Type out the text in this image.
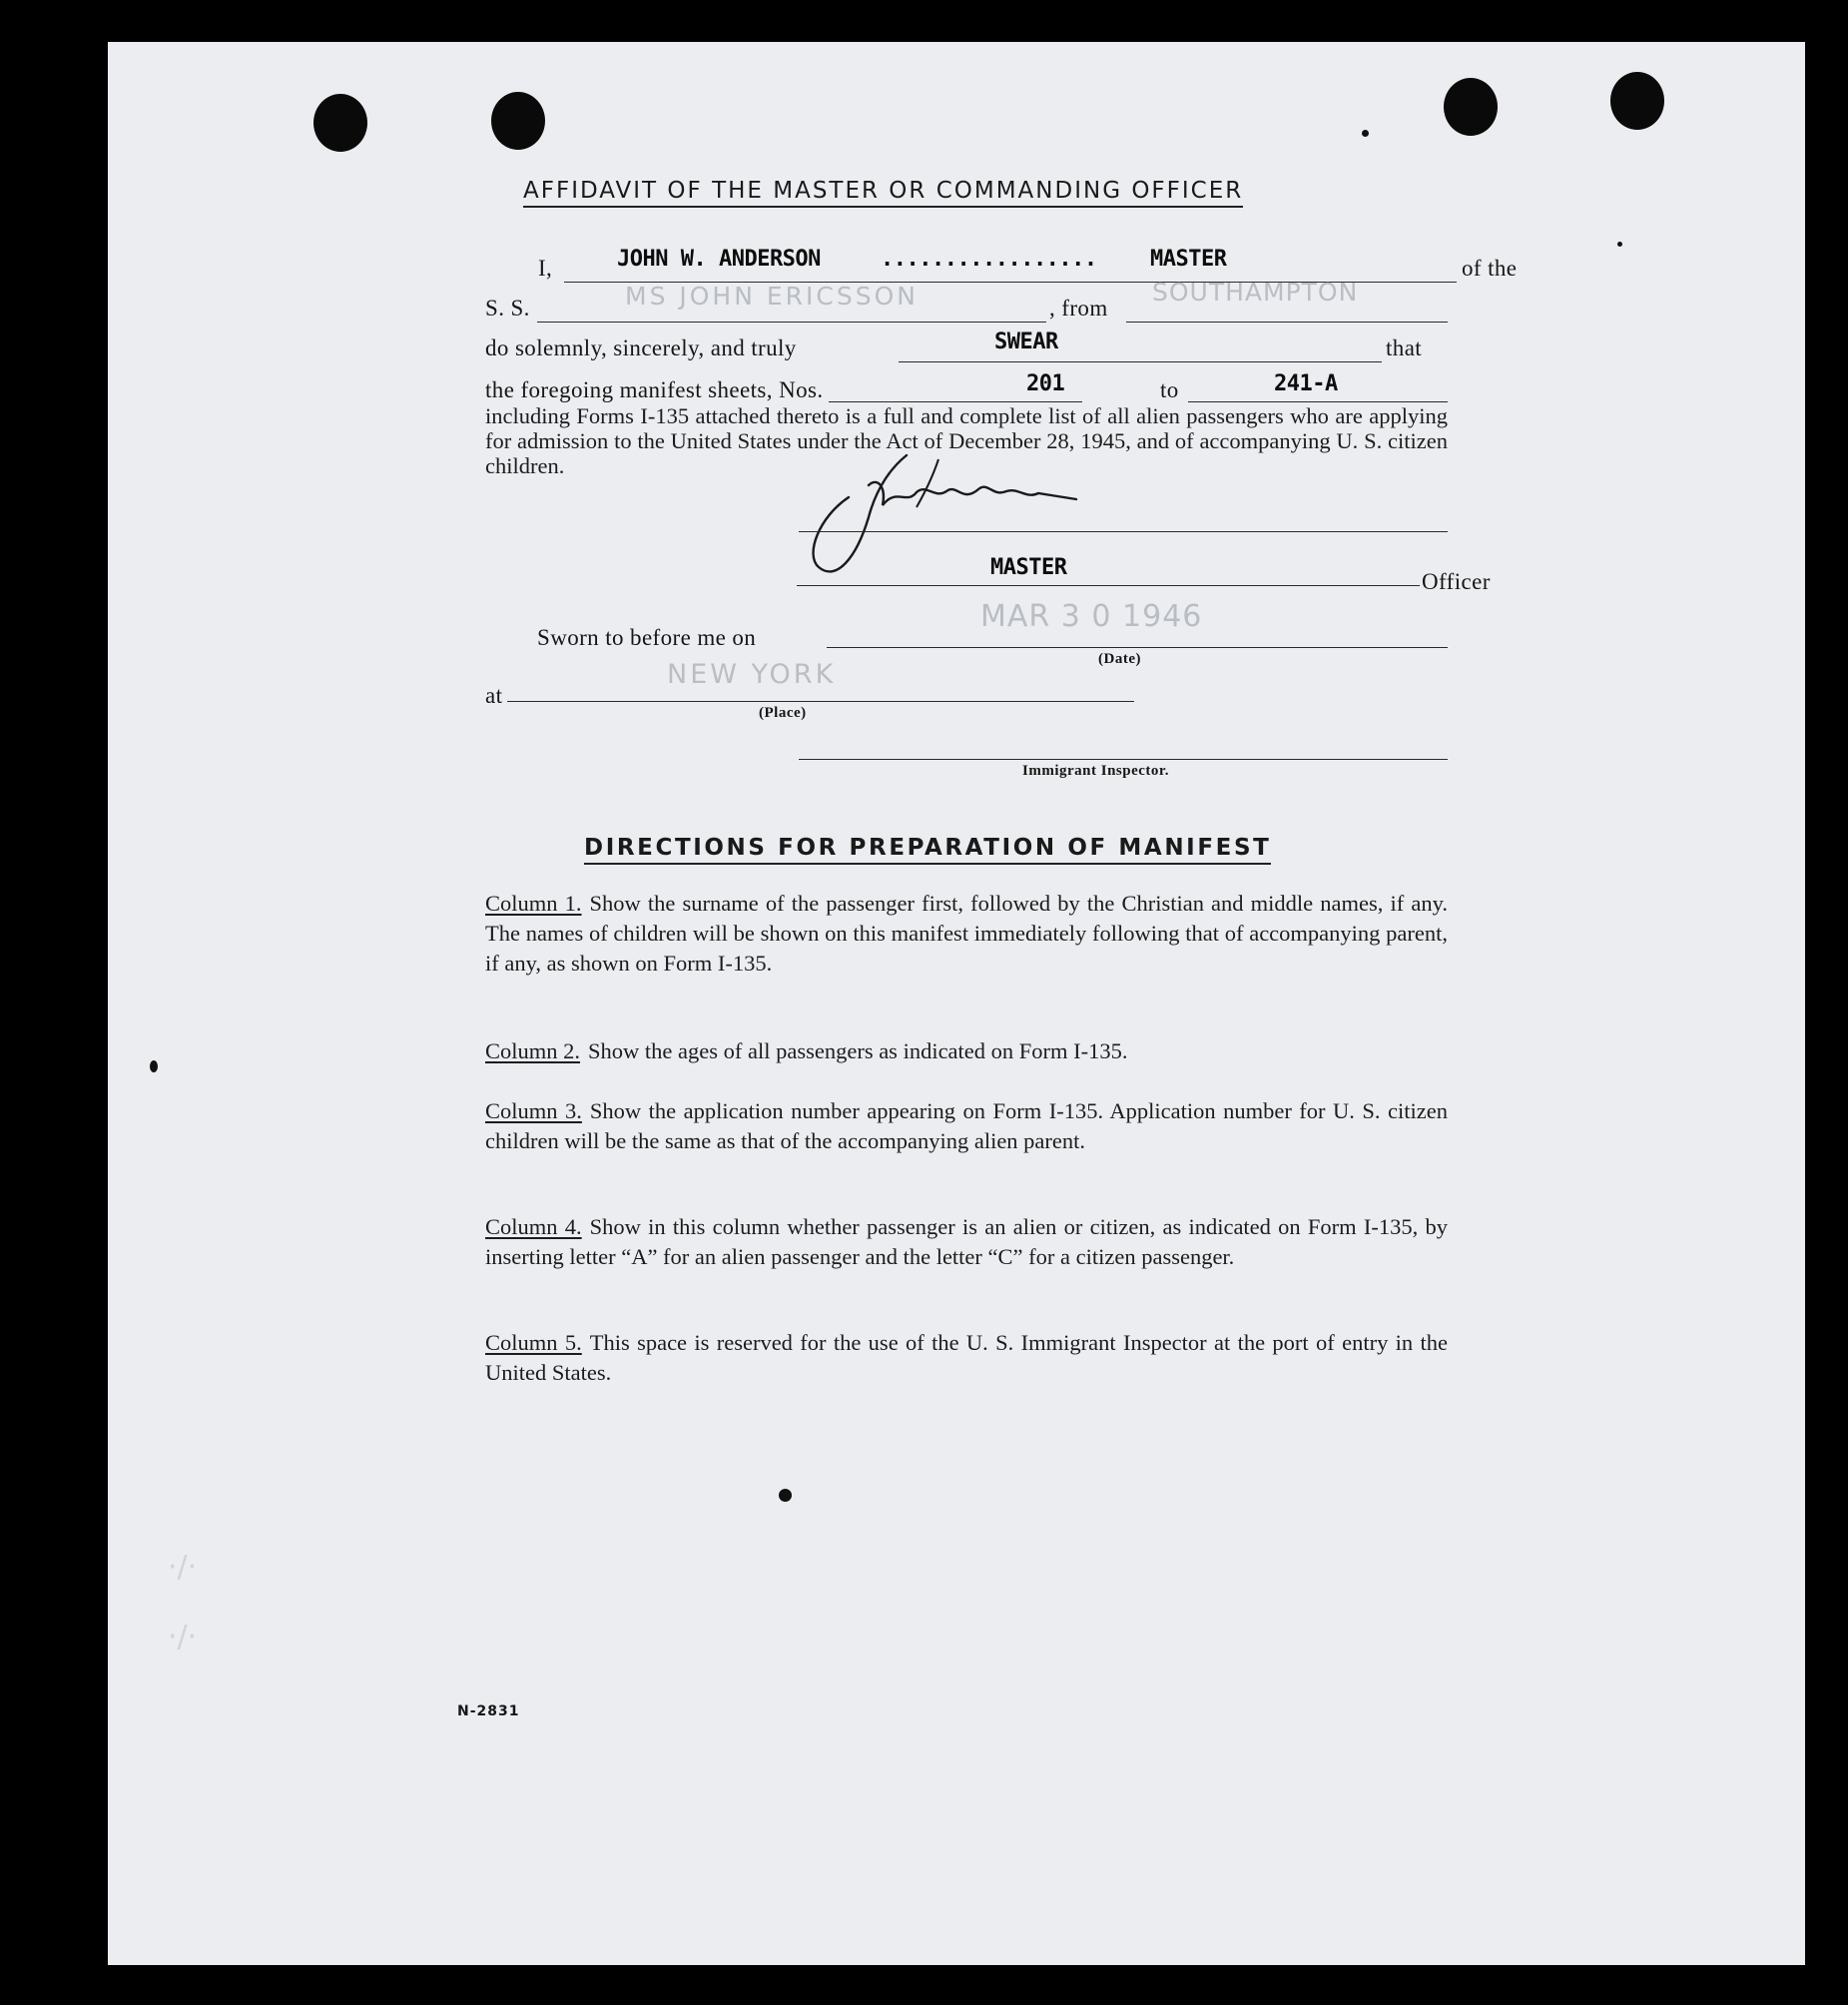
·/·
·/·
AFFIDAVIT OF THE MASTER OR COMMANDING OFFICER
I,	JOHN W. ANDERSON	................. MASTER	of the
S. S.	MS JOHN ERICSSON	, from
SOUTHAMPTON
do solemnly, sincerely, and truly	SWEAR	that
the foregoing manifest sheets, Nos.	201	to	241-A
including Forms I-135 attached thereto is a full and complete list of all alien passengers who are applying for admission to the United States under the Act of December 28, 1945, and of accompanying U. S. citizen children.
MASTER
Officer
Sworn to before me on
MAR 3 0 1946
(Date)
at
NEW YORK
(Place)
Immigrant Inspector.
DIRECTIONS FOR PREPARATION OF MANIFEST
Column 1. Show the surname of the passenger first, followed by the Christian and middle names, if any. The names of children will be shown on this manifest immediately following that of accompanying parent, if any, as shown on Form I-135.
Column 2. Show the ages of all passengers as indicated on Form I-135.
Column 3. Show the application number appearing on Form I-135. Application number for U. S. citizen children will be the same as that of the accompanying alien parent.
Column 4. Show in this column whether passenger is an alien or citizen, as indicated on Form I-135, by inserting letter “A” for an alien passenger and the letter “C” for a citizen passenger.
Column 5. This space is reserved for the use of the U. S. Immigrant Inspector at the port of entry in the United States.
N-2831
